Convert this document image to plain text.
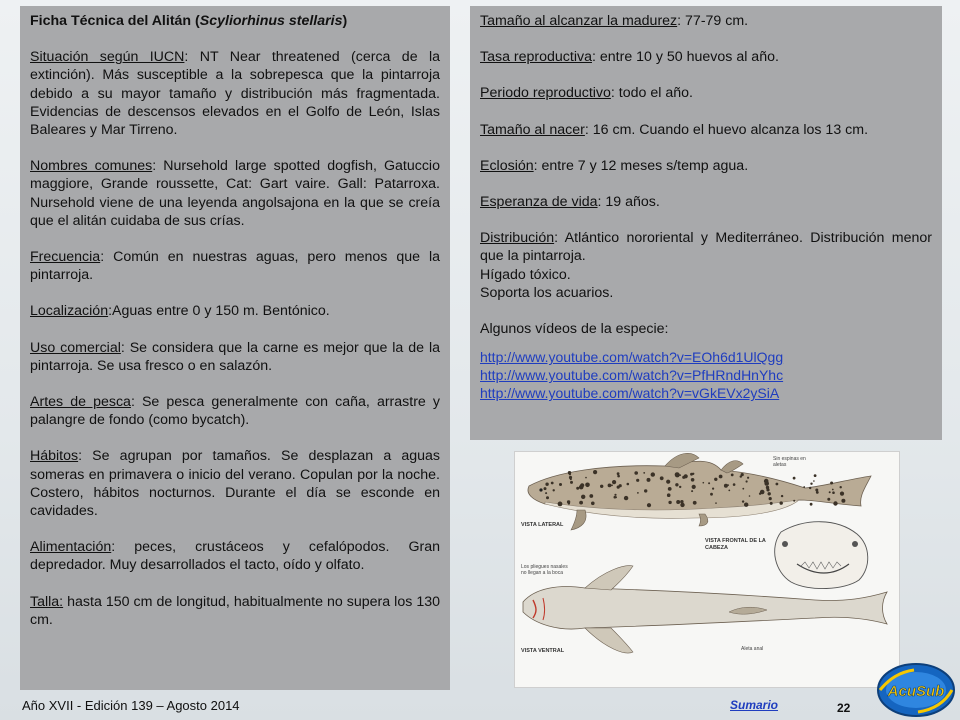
Ficha Técnica del Alitán (Scyliorhinus stellaris)
Situación según IUCN: NT Near threatened (cerca de la extinción). Más susceptible a la sobrepesca que la pintarroja debido a su mayor tamaño y distribución más fragmentada. Evidencias de descensos elevados en el Golfo de León, Islas Baleares y Mar Tirreno.
Nombres comunes: Nursehold large spotted dogfish, Gatuccio maggiore, Grande roussette, Cat: Gart vaire. Gall: Patarroxa. Nursehold viene de una leyenda angolsajona en la que se creía que el alitán cuidaba de sus crías.
Frecuencia: Común en nuestras aguas, pero menos que la pintarroja.
Localización:Aguas entre 0 y 150 m. Bentónico.
Uso comercial: Se considera que la carne es mejor que la de la pintarroja. Se usa fresco o en salazón.
Artes de pesca: Se pesca generalmente con caña, arrastre y palangre de fondo (como bycatch).
Hábitos: Se agrupan por tamaños. Se desplazan a aguas someras en primavera o inicio del verano. Copulan por la noche. Costero, hábitos nocturnos. Durante el día se esconde en cavidades.
Alimentación: peces, crustáceos y cefalópodos. Gran depredador. Muy desarrollados el tacto, oído y olfato.
Talla: hasta 150 cm de longitud, habitualmente no supera los 130 cm.
Tamaño al alcanzar la madurez: 77-79 cm.
Tasa reproductiva: entre 10 y 50 huevos al año.
Periodo reproductivo: todo el año.
Tamaño al nacer: 16 cm. Cuando el huevo alcanza los 13 cm.
Eclosión: entre 7 y 12 meses s/temp agua.
Esperanza de vida: 19 años.
Distribución: Atlántico nororiental y Mediterráneo. Distribución menor que la pintarroja.
Hígado tóxico.
Soporta los acuarios.
Algunos vídeos de la especie:
http://www.youtube.com/watch?v=EOh6d1UlQgg
http://www.youtube.com/watch?v=PfHRndHnYhc
http://www.youtube.com/watch?v=vGkEVx2ySiA
VISTA LATERAL
VISTA FRONTAL DE LA CABEZA
VISTA VENTRAL
Sin espinas en aletas
Los pliegues nasales no llegan a la boca
Aleta anal
Año XVII - Edición 139 – Agosto 2014	Sumario	22
AcuSub
